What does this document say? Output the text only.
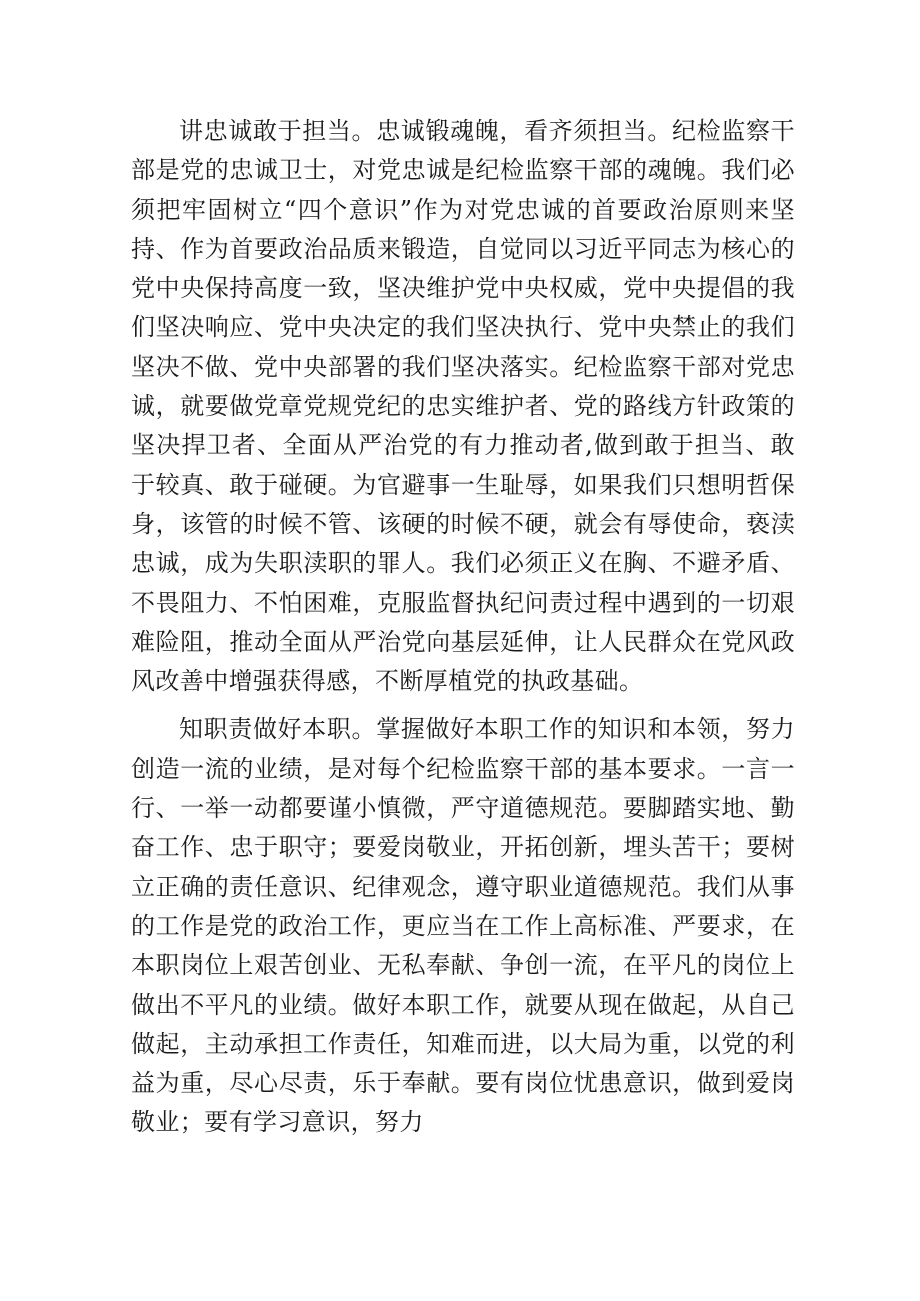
讲忠诚敢于担当。忠诚锻魂魄，看齐须担当。纪检监察干部是党的忠诚卫士，对党忠诚是纪检监察干部的魂魄。我们必须把牢固树立“四个意识”作为对党忠诚的首要政治原则来坚持、作为首要政治品质来锻造，自觉同以习近平同志为核心的党中央保持高度一致，坚决维护党中央权威，党中央提倡的我们坚决响应、党中央决定的我们坚决执行、党中央禁止的我们坚决不做、党中央部署的我们坚决落实。纪检监察干部对党忠诚，就要做党章党规党纪的忠实维护者、党的路线方针政策的坚决捍卫者、全面从严治党的有力推动者,做到敢于担当、敢于较真、敢于碰硬。为官避事一生耻辱，如果我们只想明哲保身，该管的时候不管、该硬的时候不硬，就会有辱使命，亵渎忠诚，成为失职渎职的罪人。我们必须正义在胸、不避矛盾、不畏阻力、不怕困难，克服监督执纪问责过程中遇到的一切艰难险阻，推动全面从严治党向基层延伸，让人民群众在党风政风改善中增强获得感，不断厚植党的执政基础。

知职责做好本职。掌握做好本职工作的知识和本领，努力创造一流的业绩，是对每个纪检监察干部的基本要求。一言一行、一举一动都要谨小慎微，严守道德规范。要脚踏实地、勤奋工作、忠于职守；要爱岗敬业，开拓创新，埋头苦干；要树立正确的责任意识、纪律观念，遵守职业道德规范。我们从事的工作是党的政治工作，更应当在工作上高标准、严要求，在本职岗位上艰苦创业、无私奉献、争创一流，在平凡的岗位上做出不平凡的业绩。做好本职工作，就要从现在做起，从自己做起，主动承担工作责任，知难而进，以大局为重，以党的利益为重，尽心尽责，乐于奉献。要有岗位忧患意识，做到爱岗敬业；要有学习意识，努力
